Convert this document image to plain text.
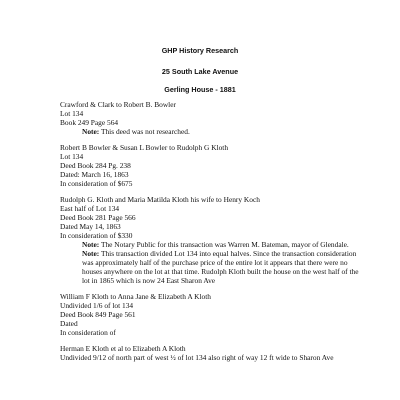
GHP History Research
25 South Lake Avenue
Gerling House - 1881
Crawford & Clark to Robert B. Bowler
Lot 134
Book 249 Page 564
Note: This deed was not researched.
Robert B Bowler & Susan L Bowler to Rudolph G Kloth
Lot 134
Deed Book 284 Pg. 238
Dated: March 16, 1863
In consideration of $675
Rudolph G. Kloth and Maria Matilda Kloth his wife to Henry Koch
East half of Lot 134
Deed Book 281 Page 566
Dated May 14, 1863
In consideration of $330
Note: The Notary Public for this transaction was Warren M. Bateman, mayor of Glendale.
Note: This transaction divided Lot 134 into equal halves. Since the transaction consideration was approximately half of the purchase price of the entire lot it appears that there were no houses anywhere on the lot at that time. Rudolph Kloth built the house on the west half of the lot in 1865 which is now 24 East Sharon Ave
William F Kloth to Anna Jane & Elizabeth A Kloth
Undivided 1/6 of lot 134
Deed Book 849 Page 561
Dated
In consideration of
Herman E Kloth et al to Elizabeth A Kloth
Undivided 9/12 of north part of west ½ of lot 134 also right of way 12 ft wide to Sharon Ave
